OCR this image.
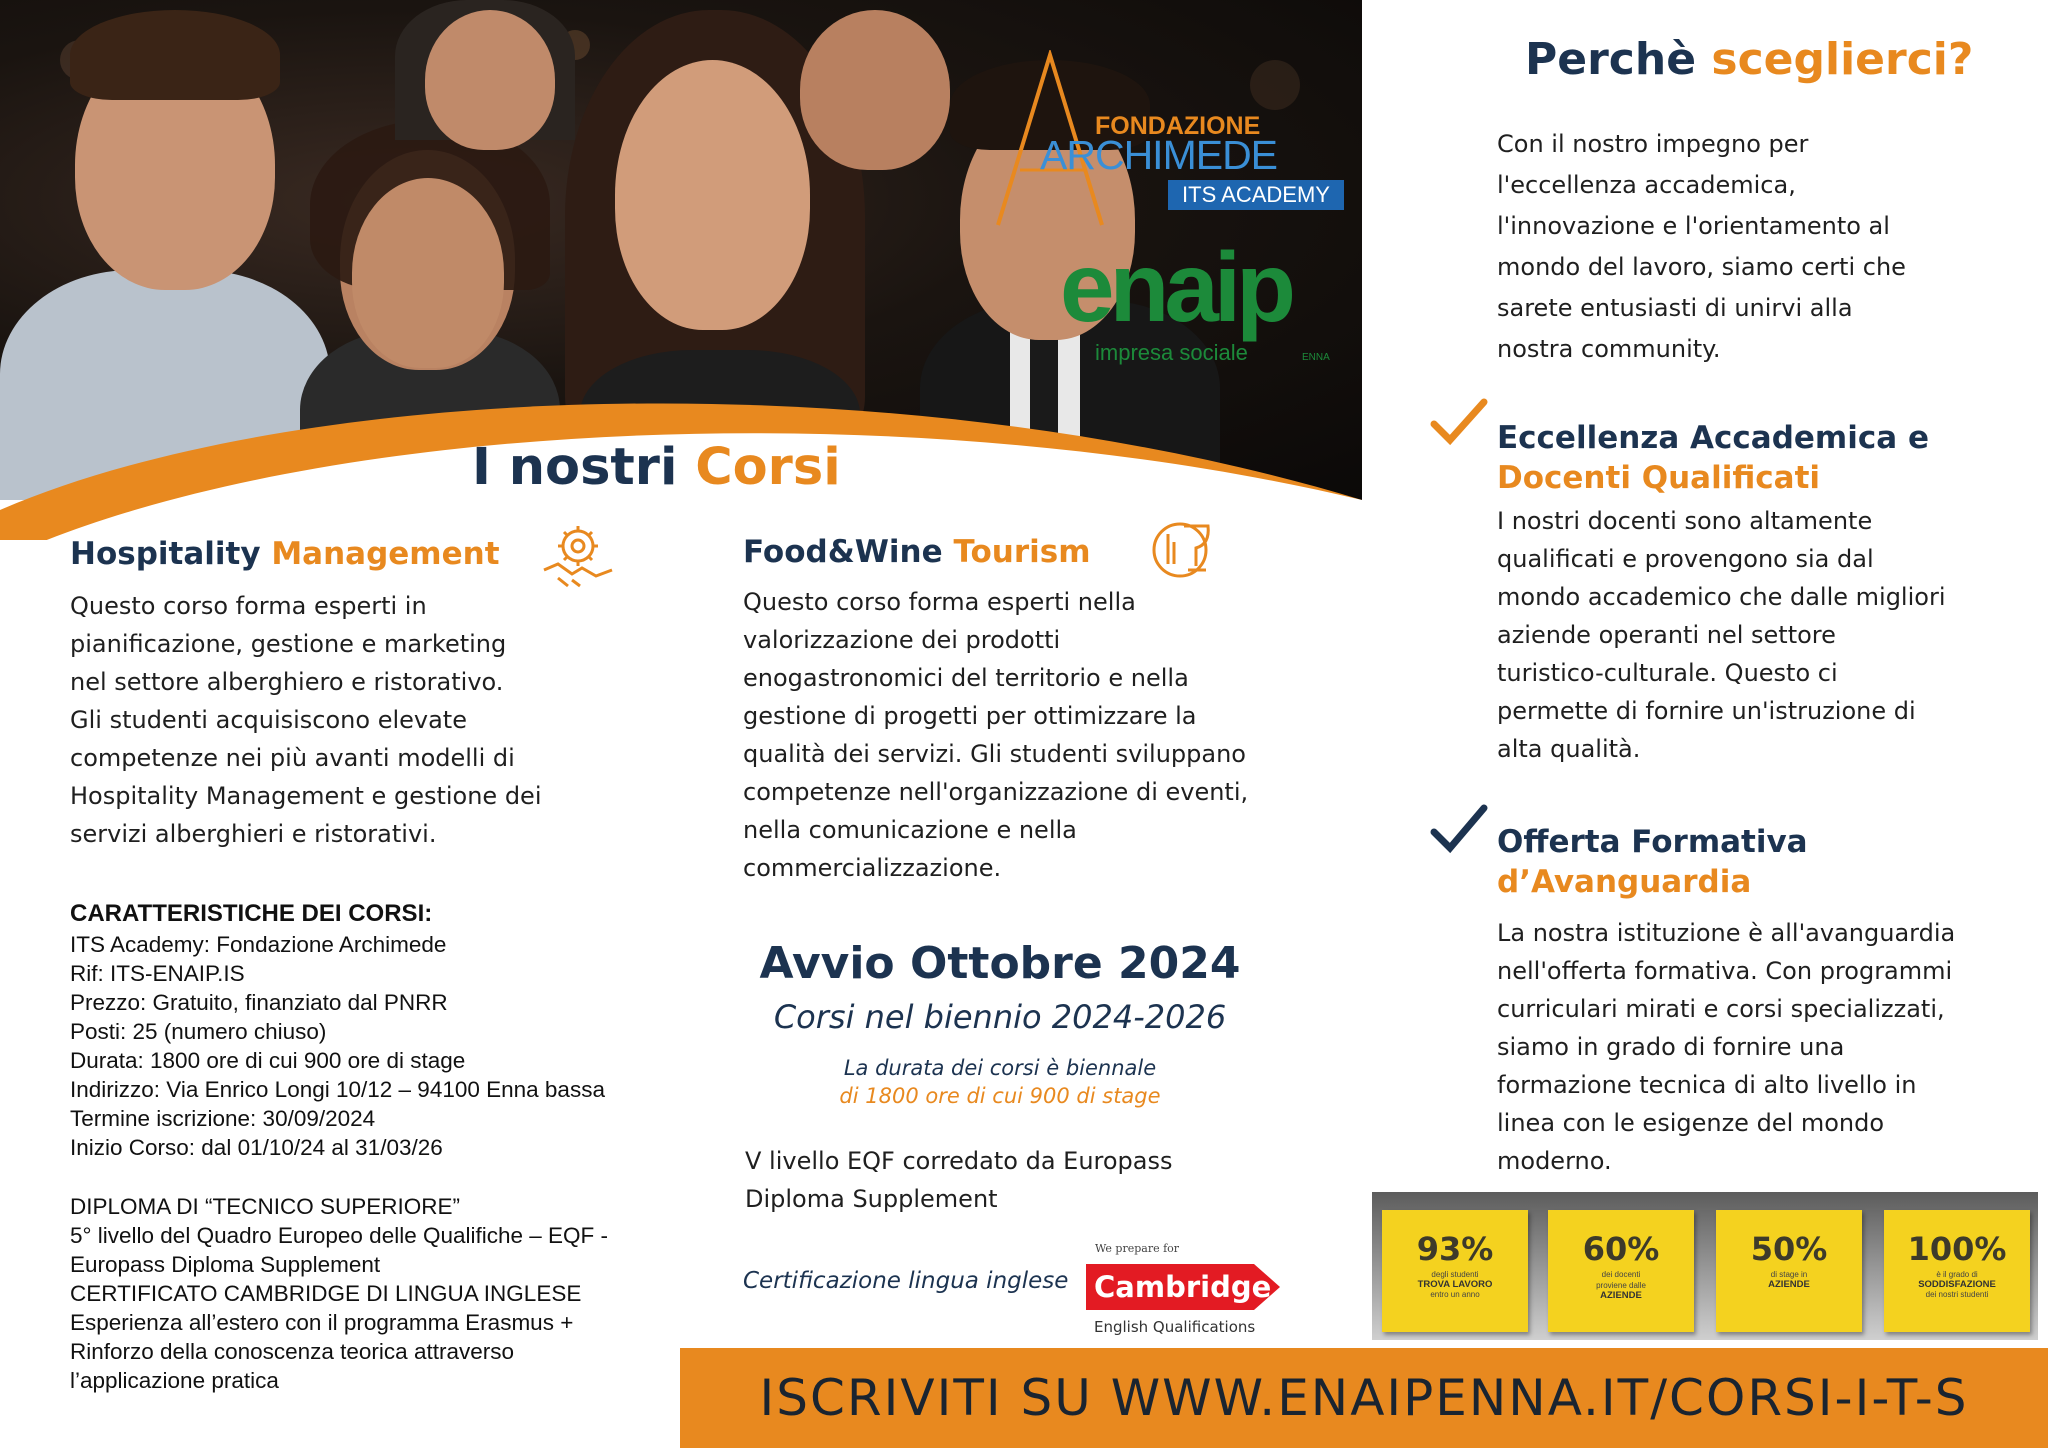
FONDAZIONE
ARCHIMEDE
ITS ACADEMY
enaip
impresa sociale	ENNA
I nostri Corsi
Hospitality Management
Questo corso forma esperti in
pianificazione, gestione e marketing
nel settore alberghiero e ristorativo.
Gli studenti acquisiscono elevate
competenze nei più avanti modelli di
Hospitality Management e gestione dei
servizi alberghieri e ristorativi.
Food&Wine Tourism
Questo corso forma esperti nella
valorizzazione dei prodotti
enogastronomici del territorio e nella
gestione di progetti per ottimizzare la
qualità dei servizi. Gli studenti sviluppano
competenze nell'organizzazione di eventi,
nella comunicazione e nella
commercializzazione.
CARATTERISTICHE DEI CORSI:
ITS Academy: Fondazione Archimede
Rif: ITS-ENAIP.IS
Prezzo: Gratuito, finanziato dal PNRR
Posti: 25 (numero chiuso)
Durata: 1800 ore di cui 900 ore di stage
Indirizzo: Via Enrico Longi 10/12 – 94100 Enna bassa
Termine iscrizione: 30/09/2024
Inizio Corso: dal 01/10/24 al 31/03/26
DIPLOMA DI “TECNICO SUPERIORE”
5° livello del Quadro Europeo delle Qualifiche – EQF -
Europass Diploma Supplement
CERTIFICATO CAMBRIDGE DI LINGUA INGLESE
Esperienza all’estero con il programma Erasmus +
Rinforzo della conoscenza teorica attraverso
l’applicazione pratica
Avvio Ottobre 2024
Corsi nel biennio 2024-2026
La durata dei corsi è biennale
di 1800 ore di cui 900 di stage
V livello EQF corredato da Europass
Diploma Supplement
Certificazione lingua inglese
We prepare for
Cambridge
English Qualifications
Perchè sceglierci?
Con il nostro impegno per
l'eccellenza accademica,
l'innovazione e l'orientamento al
mondo del lavoro, siamo certi che
sarete entusiasti di unirvi alla
nostra community.
Eccellenza Accademica e
Docenti Qualificati
I nostri docenti sono altamente
qualificati e provengono sia dal
mondo accademico che dalle migliori
aziende operanti nel settore
turistico-culturale. Questo ci
permette di fornire un'istruzione di
alta qualità.
Offerta Formativa
d’Avanguardia
La nostra istituzione è all'avanguardia
nell'offerta formativa. Con programmi
curriculari mirati e corsi specializzati,
siamo in grado di fornire una
formazione tecnica di alto livello in
linea con le esigenze del mondo
moderno.
93%
degli studenti
TROVA LAVORO
entro un anno
60%
dei docenti
proviene dalle
AZIENDE
50%
di stage in
AZIENDE
100%
è il grado di
SODDISFAZIONE
dei nostri studenti
ISCRIVITI SU WWW.ENAIPENNA.IT/CORSI-I-T-S
